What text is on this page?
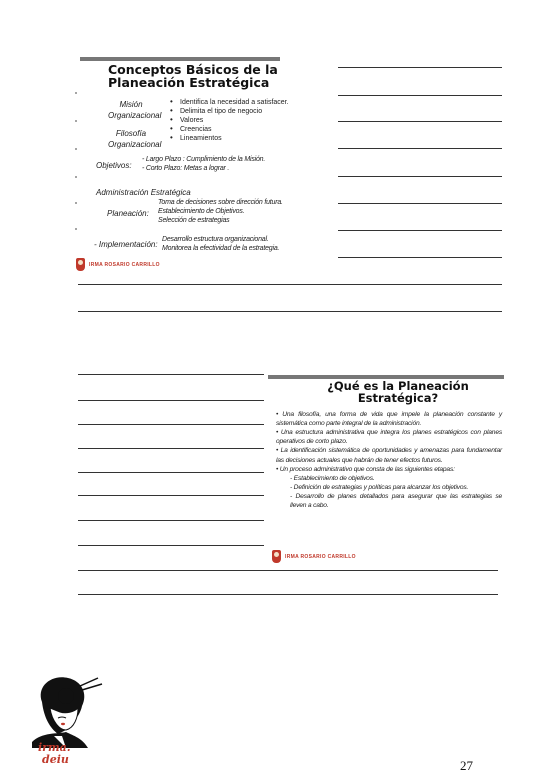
Conceptos Básicos de la
Planeación Estratégica
Misión Organizacional
Filosofía Organizacional
• Identifica la necesidad a satisfacer.
• Delimita el tipo de negocio
• Valores
• Creencias
• Lineamientos
Objetivos:
- Largo Plazo : Cumplimiento de la Misión.
- Corto Plazo: Metas a lograr .
Administración Estratégica
Planeación:
Toma de decisiones sobre dirección futura.
Establecimiento de Objetivos.
Selección de estrategias
- Implementación:
Desarrollo estructura organizacional.
Monitorea la efectividad de la estrategia.
IRMA ROSARIO CARRILLO
¿Qué es la Planeación
Estratégica?
• Una filosofía, una forma de vida que impele la planeación constante y sistemática como parte integral de la administración.
• Una estructura administrativa que integra los planes estratégicos con planes operativos de corto plazo.
• La identificación sistemática de oportunidades y amenazas para fundamentar las decisiones actuales que habrán de tener efectos futuros.
• Un proceso administrativo que consta de las siguientes etapas:
- Establecimiento de objetivos.
- Definición de estrategias y políticas para alcanzar los objetivos.
- Desarrollo de planes detallados para asegurar que las estrategias se lleven a cabo.
IRMA ROSARIO CARRILLO
irma.
deiu	27
